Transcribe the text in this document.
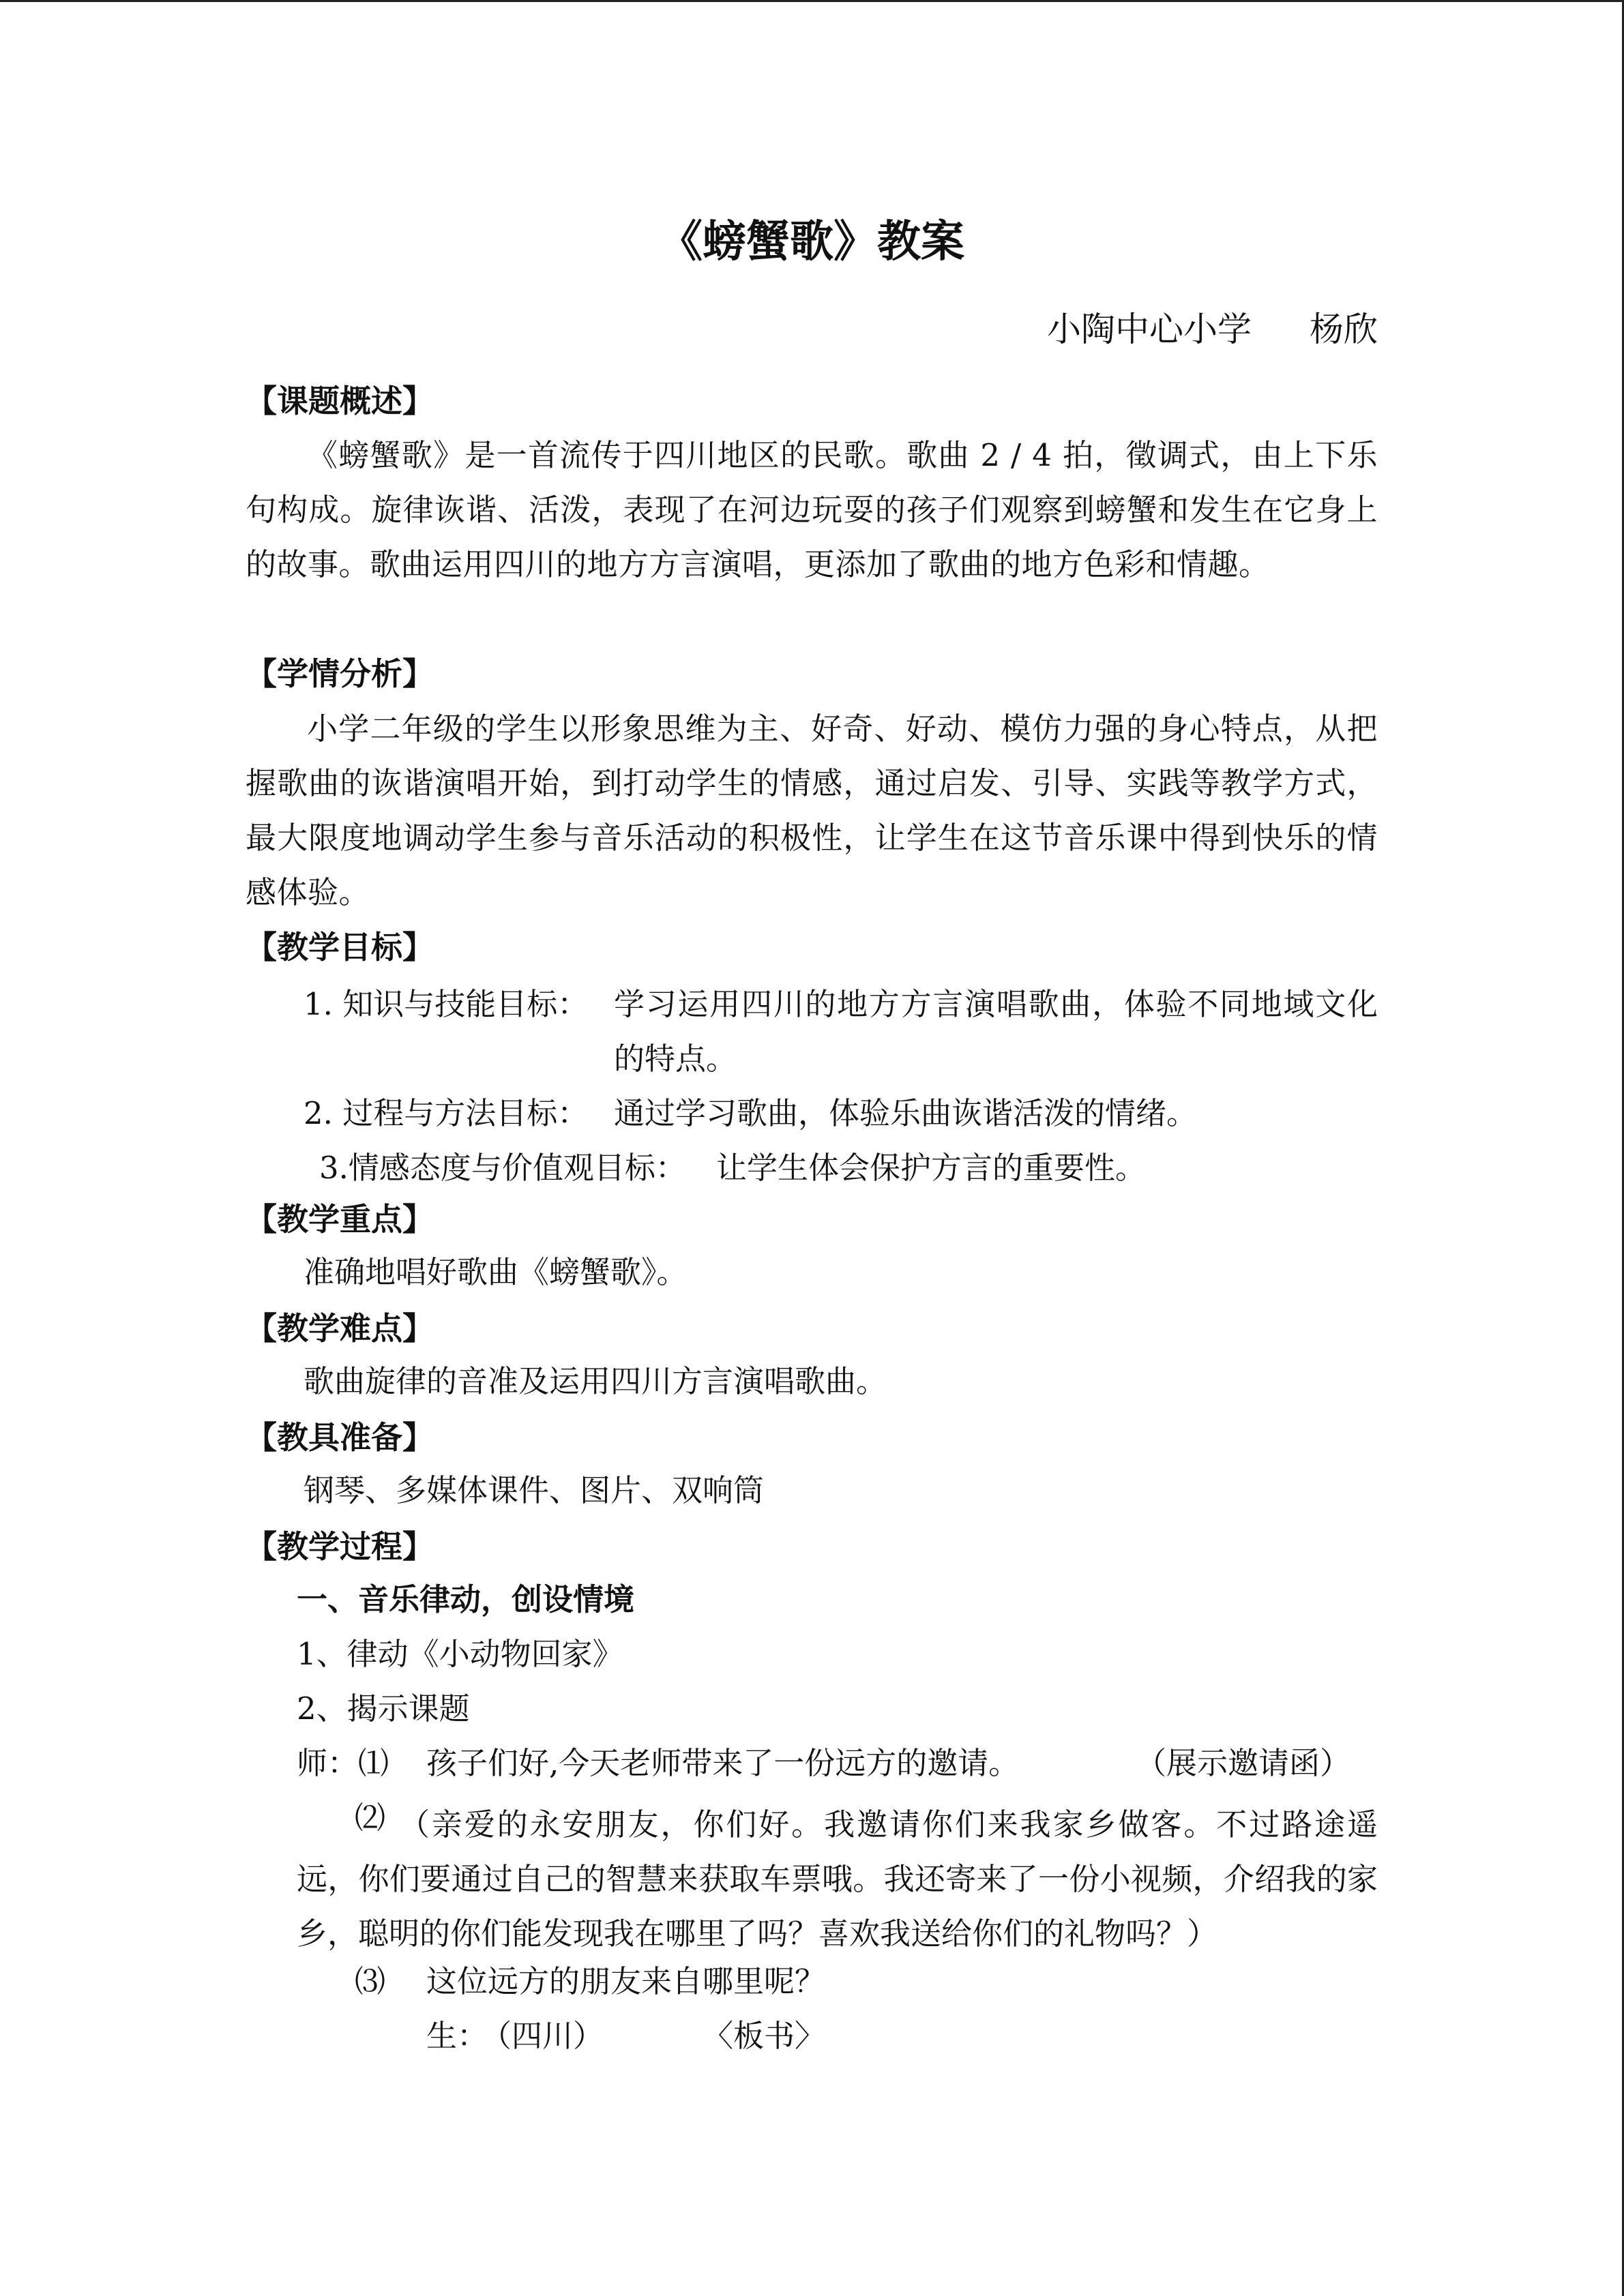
《螃蟹歌》教案
小陶中心小学 杨欣
【课题概述】
《螃蟹歌》是一首流传于四川地区的民歌。歌曲 2 / 4 拍，徵调式，由上下乐句构成。旋律诙谐、活泼，表现了在河边玩耍的孩子们观察到螃蟹和发生在它身上的故事。歌曲运用四川的地方方言演唱，更添加了歌曲的地方色彩和情趣。
【学情分析】
小学二年级的学生以形象思维为主、好奇、好动、模仿力强的身心特点，从把握歌曲的诙谐演唱开始，到打动学生的情感，通过启发、引导、实践等教学方式，最大限度地调动学生参与音乐活动的积极性，让学生在这节音乐课中得到快乐的情感体验。
【教学目标】
1. 知识与技能目标： 学习运用四川的地方方言演唱歌曲，体验不同地域文化的特点。
2. 过程与方法目标： 通过学习歌曲，体验乐曲诙谐活泼的情绪。
3.情感态度与价值观目标： 让学生体会保护方言的重要性。
【教学重点】
准确地唱好歌曲《螃蟹歌》。
【教学难点】
歌曲旋律的音准及运用四川方言演唱歌曲。
【教具准备】
钢琴、多媒体课件、图片、双响筒
【教学过程】
一、音乐律动，创设情境
1、律动《小动物回家》
2、揭示课题
师：⑴ 孩子们好,今天老师带来了一份远方的邀请。	（展示邀请函）
⑵ （亲爱的永安朋友，你们好。我邀请你们来我家乡做客。不过路途遥远，你们要通过自己的智慧来获取车票哦。我还寄来了一份小视频，介绍我的家乡，聪明的你们能发现我在哪里了吗？喜欢我送给你们的礼物吗？）
⑶ 这位远方的朋友来自哪里呢？
生：
（四川）	〈板书〉
